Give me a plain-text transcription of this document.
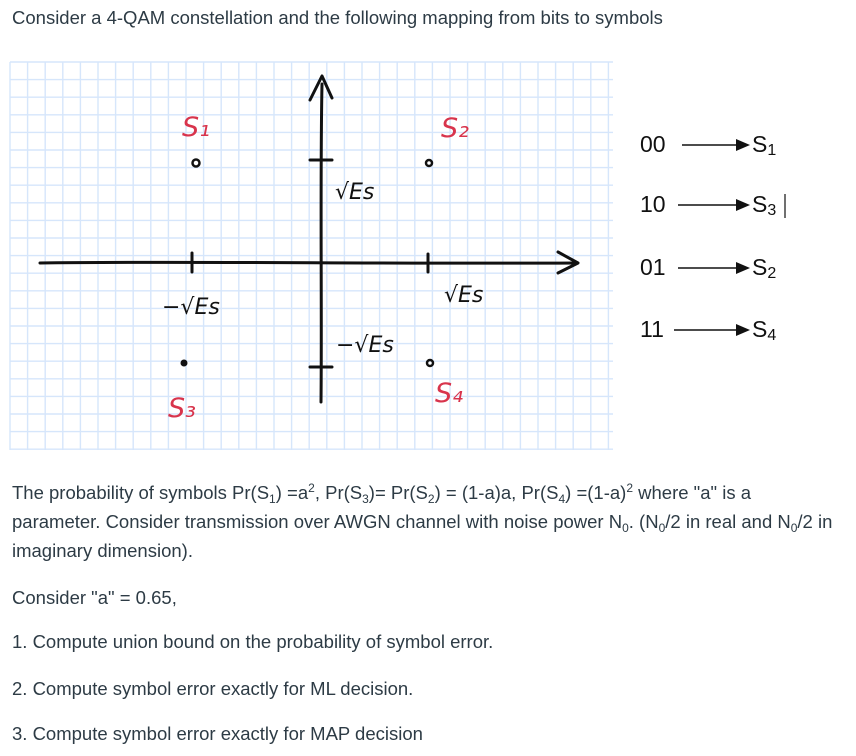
Consider a 4-QAM constellation and the following mapping from bits to symbols

S₁	S₂
S₃	S₄
√Es
√Es
−√Es
−√Es
00	S1
10	S3
01	S2
11	S4

The probability of symbols $Pr(S_1) =a^2$, $Pr(S_3)= Pr(S_2) = (1-a)a$, $Pr(S_4) =(1-a)^2$ where "a" is a parameter. Consider transmission over AWGN channel with noise power $N_0$. ($N_0/2$ in real and $N_0/2$ in imaginary dimension).

Consider "a" = 0.65,

1. Compute union bound on the probability of symbol error.

2. Compute symbol error exactly for ML decision.

3. Compute symbol error exactly for MAP decision
